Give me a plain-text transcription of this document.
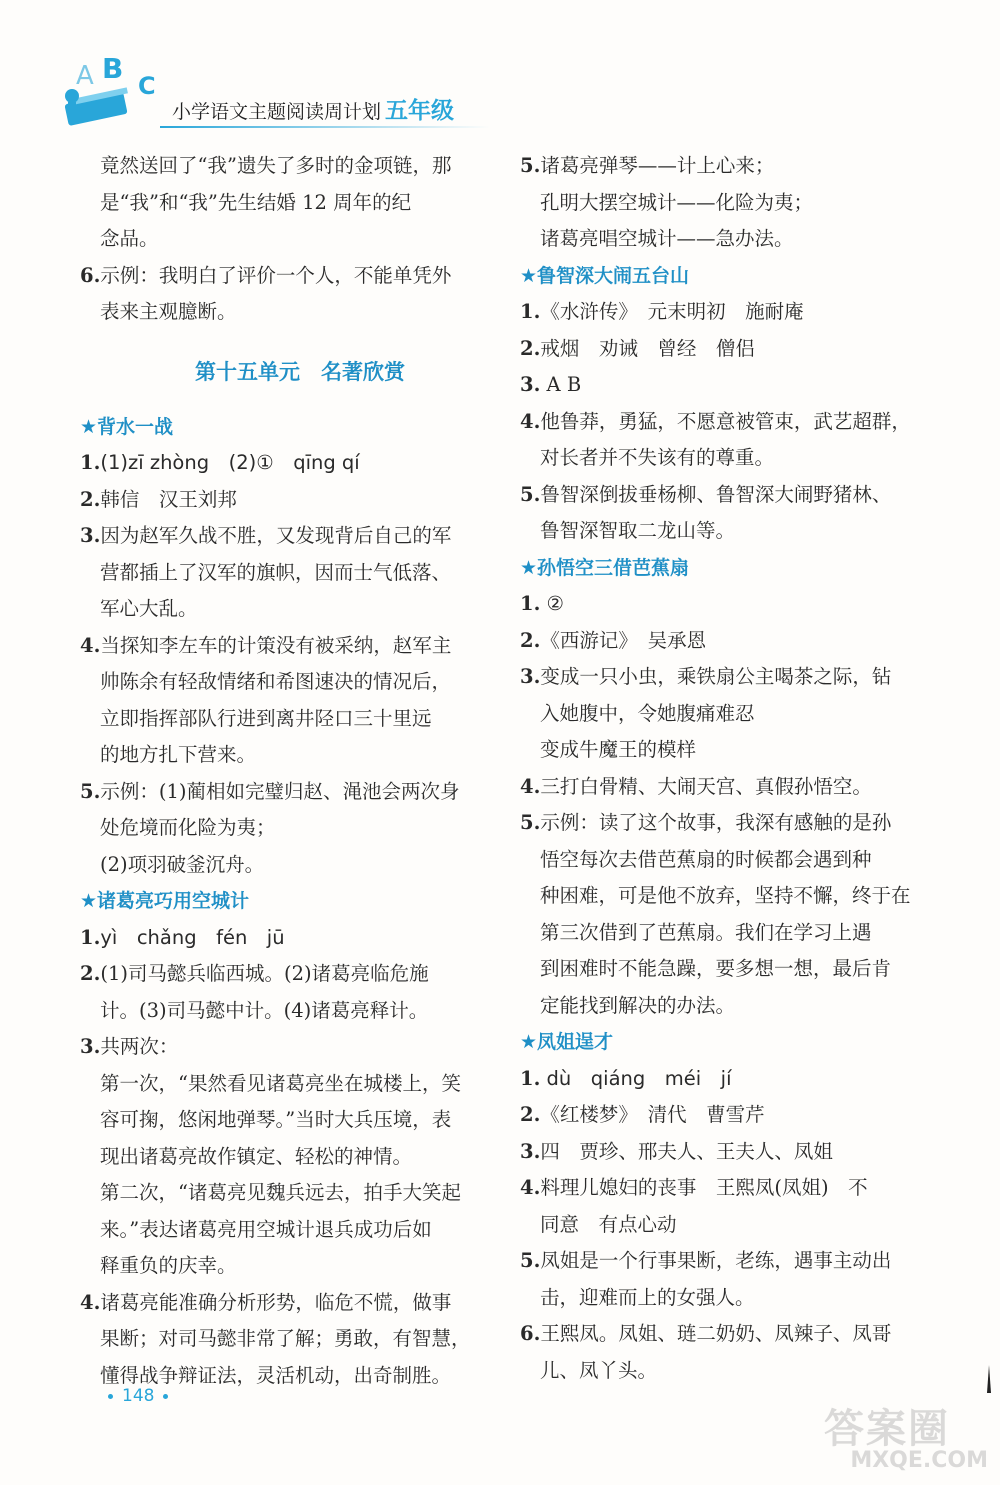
A B
C
小学语文主题阅读周计划 五年级
竟然送回了“我”遗失了多时的金项链，那
是“我”和“我”先生结婚 12 周年的纪
念品。
6.示例：我明白了评价一个人，不能单凭外
表来主观臆断。
第十五单元　名著欣赏
★背水一战
1.(1)zī zhòng　(2)①　qīng qí
2.韩信　汉王刘邦
3.因为赵军久战不胜，又发现背后自己的军
营都插上了汉军的旗帜，因而士气低落、
军心大乱。
4.当探知李左车的计策没有被采纳，赵军主
帅陈余有轻敌情绪和希图速决的情况后，
立即指挥部队行进到离井陉口三十里远
的地方扎下营来。
5.示例：(1)蔺相如完璧归赵、渑池会两次身
处危境而化险为夷；
(2)项羽破釜沉舟。
★诸葛亮巧用空城计
1.yì　chǎng　fén　jū
2.(1)司马懿兵临西城。(2)诸葛亮临危施
计。(3)司马懿中计。(4)诸葛亮释计。
3.共两次：
第一次，“果然看见诸葛亮坐在城楼上，笑
容可掬，悠闲地弹琴。”当时大兵压境，表
现出诸葛亮故作镇定、轻松的神情。
第二次，“诸葛亮见魏兵远去，拍手大笑起
来。”表达诸葛亮用空城计退兵成功后如
释重负的庆幸。
4.诸葛亮能准确分析形势，临危不慌，做事
果断；对司马懿非常了解；勇敢，有智慧，
懂得战争辩证法，灵活机动，出奇制胜。
5.诸葛亮弹琴——计上心来；
孔明大摆空城计——化险为夷；
诸葛亮唱空城计——急办法。
★鲁智深大闹五台山
1.《水浒传》　元末明初　施耐庵
2.戒烟　劝诫　曾经　僧侣
3. A B
4.他鲁莽，勇猛，不愿意被管束，武艺超群，
对长者并不失该有的尊重。
5.鲁智深倒拔垂杨柳、鲁智深大闹野猪林、
鲁智深智取二龙山等。
★孙悟空三借芭蕉扇
1. ②
2.《西游记》　吴承恩
3.变成一只小虫，乘铁扇公主喝茶之际，钻
入她腹中，令她腹痛难忍
变成牛魔王的模样
4.三打白骨精、大闹天宫、真假孙悟空。
5.示例：读了这个故事，我深有感触的是孙
悟空每次去借芭蕉扇的时候都会遇到种
种困难，可是他不放弃，坚持不懈，终于在
第三次借到了芭蕉扇。我们在学习上遇
到困难时不能急躁，要多想一想，最后肯
定能找到解决的办法。
★凤姐逞才
1. dù　qiáng　méi　jí
2.《红楼梦》　清代　曹雪芹
3.四　贾珍、邢夫人、王夫人、凤姐
4.料理儿媳妇的丧事　王熙凤(凤姐)　不
同意　有点心动
5.凤姐是一个行事果断，老练，遇事主动出
击，迎难而上的女强人。
6.王熙凤。凤姐、琏二奶奶、凤辣子、凤哥
儿、凤丫头。
148
答案圈
MXQE.COM
